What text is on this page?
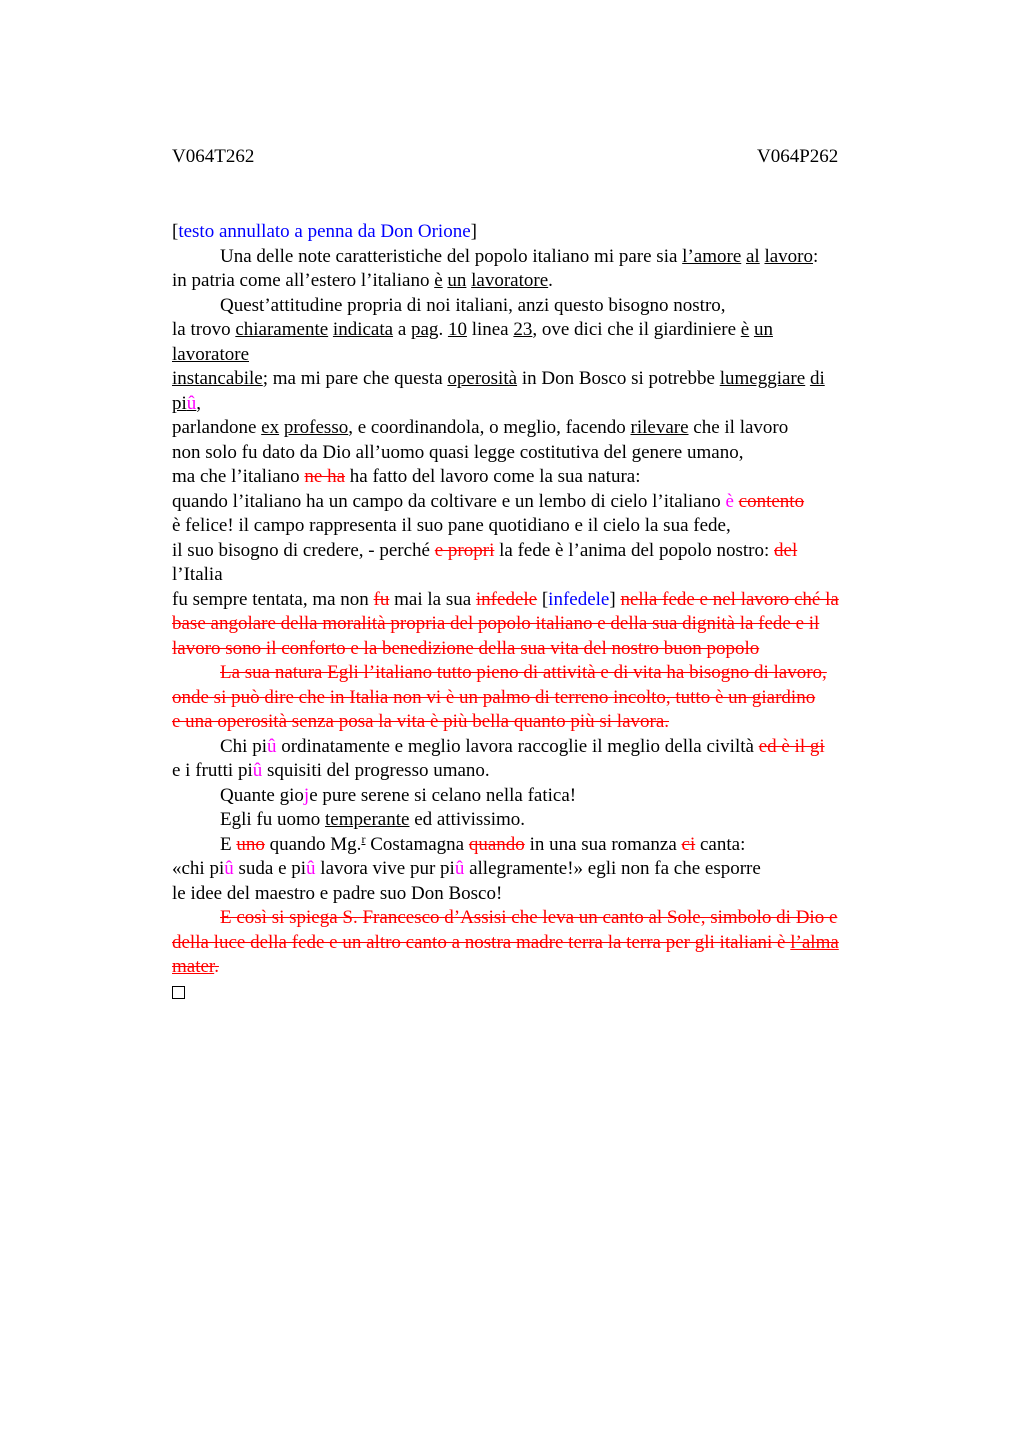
V064T262	V064P262
[testo annullato a penna da Don Orione]
Una delle note caratteristiche del popolo italiano mi pare sia l’amore al lavoro:
in patria come all’estero l’italiano è un lavoratore.
Quest’attitudine propria di noi italiani, anzi questo bisogno nostro,
la trovo chiaramente indicata a pag. 10 linea 23, ove dici che il giardiniere è un
lavoratore
instancabile; ma mi pare che questa operosità in Don Bosco si potrebbe lumeggiare di
piû,
parlandone ex professo, e coordinandola, o meglio, facendo rilevare che il lavoro
non solo fu dato da Dio all’uomo quasi legge costitutiva del genere umano,
ma che l’italiano ne ha ha fatto del lavoro come la sua natura:
quando l’italiano ha un campo da coltivare e un lembo di cielo l’italiano è contento
è felice! il campo rappresenta il suo pane quotidiano e il cielo la sua fede,
il suo bisogno di credere, - perché e propri la fede è l’anima del popolo nostro: del
l’Italia
fu sempre tentata, ma non fu mai la sua infedele [infedele] nella fede e nel lavoro ché la
base angolare della moralità propria del popolo italiano e della sua dignità la fede e il
lavoro sono il conforto e la benedizione della sua vita del nostro buon popolo
La sua natura Egli l’italiano tutto pieno di attività e di vita ha bisogno di lavoro,
onde si può dire che in Italia non vi è un palmo di terreno incolto, tutto è un giardino
e una operosità senza posa la vita è più bella quanto più si lavora.
Chi piû ordinatamente e meglio lavora raccoglie il meglio della civiltà ed è il gi
e i frutti piû squisiti del progresso umano.
Quante gioje pure serene si celano nella fatica!
Egli fu uomo temperante ed attivissimo.
E uno quando Mg.$^r$ Costamagna quando in una sua romanza ci canta:
«chi piû suda e piû lavora vive pur piû allegramente!» egli non fa che esporre
le idee del maestro e padre suo Don Bosco!
E così si spiega S. Francesco d’Assisi che leva un canto al Sole, simbolo di Dio e
della luce della fede e un altro canto a nostra madre terra la terra per gli italiani è l’alma
mater.
